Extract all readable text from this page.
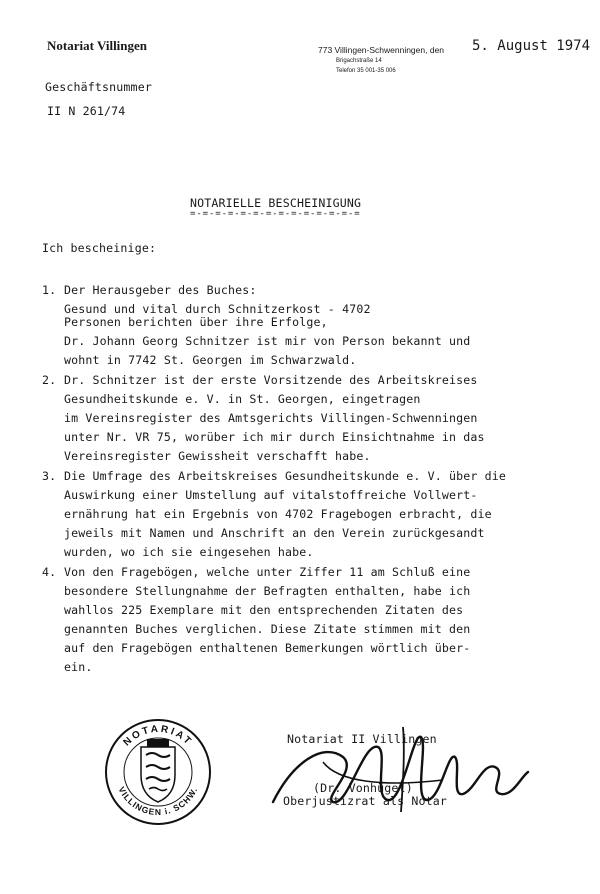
Notariat Villingen	773 Villingen-Schwenningen, den 5. August 1974
Brigachstraße 14
Telefon 35 001-35 006
Geschäftsnummer
II N 261/74
NOTARIELLE BESCHEINIGUNG
=-=-=-=-=-=-=-=-=-=-=-=-=-=
Ich bescheinige:
1. Der Herausgeber des Buches:
Gesund und vital durch Schnitzerkost - 4702
Personen berichten über ihre Erfolge,
Dr. Johann Georg Schnitzer ist mir von Person bekannt und
wohnt in 7742 St. Georgen im Schwarzwald.
2. Dr. Schnitzer ist der erste Vorsitzende des Arbeitskreises
Gesundheitskunde e. V. in St. Georgen, eingetragen
im Vereinsregister des Amtsgerichts Villingen-Schwenningen
unter Nr. VR 75, worüber ich mir durch Einsichtnahme in das
Vereinsregister Gewissheit verschafft habe.
3. Die Umfrage des Arbeitskreises Gesundheitskunde e. V. über die
Auswirkung einer Umstellung auf vitalstoffreiche Vollwert-
ernährung hat ein Ergebnis von 4702 Fragebogen erbracht, die
jeweils mit Namen und Anschrift an den Verein zurückgesandt
wurden, wo ich sie eingesehen habe.
4. Von den Fragebögen, welche unter Ziffer 11 am Schluß eine
besondere Stellungnahme der Befragten enthalten, habe ich
wahllos 225 Exemplare mit den entsprechenden Zitaten des
genannten Buches verglichen. Diese Zitate stimmen mit den
auf den Fragebögen enthaltenen Bemerkungen wörtlich über-
ein.
NOTARIAT
VILLINGEN i. SCHW.
Notariat II Villingen
(Dr. Vonhügel)
Oberjustizrat als Notar
